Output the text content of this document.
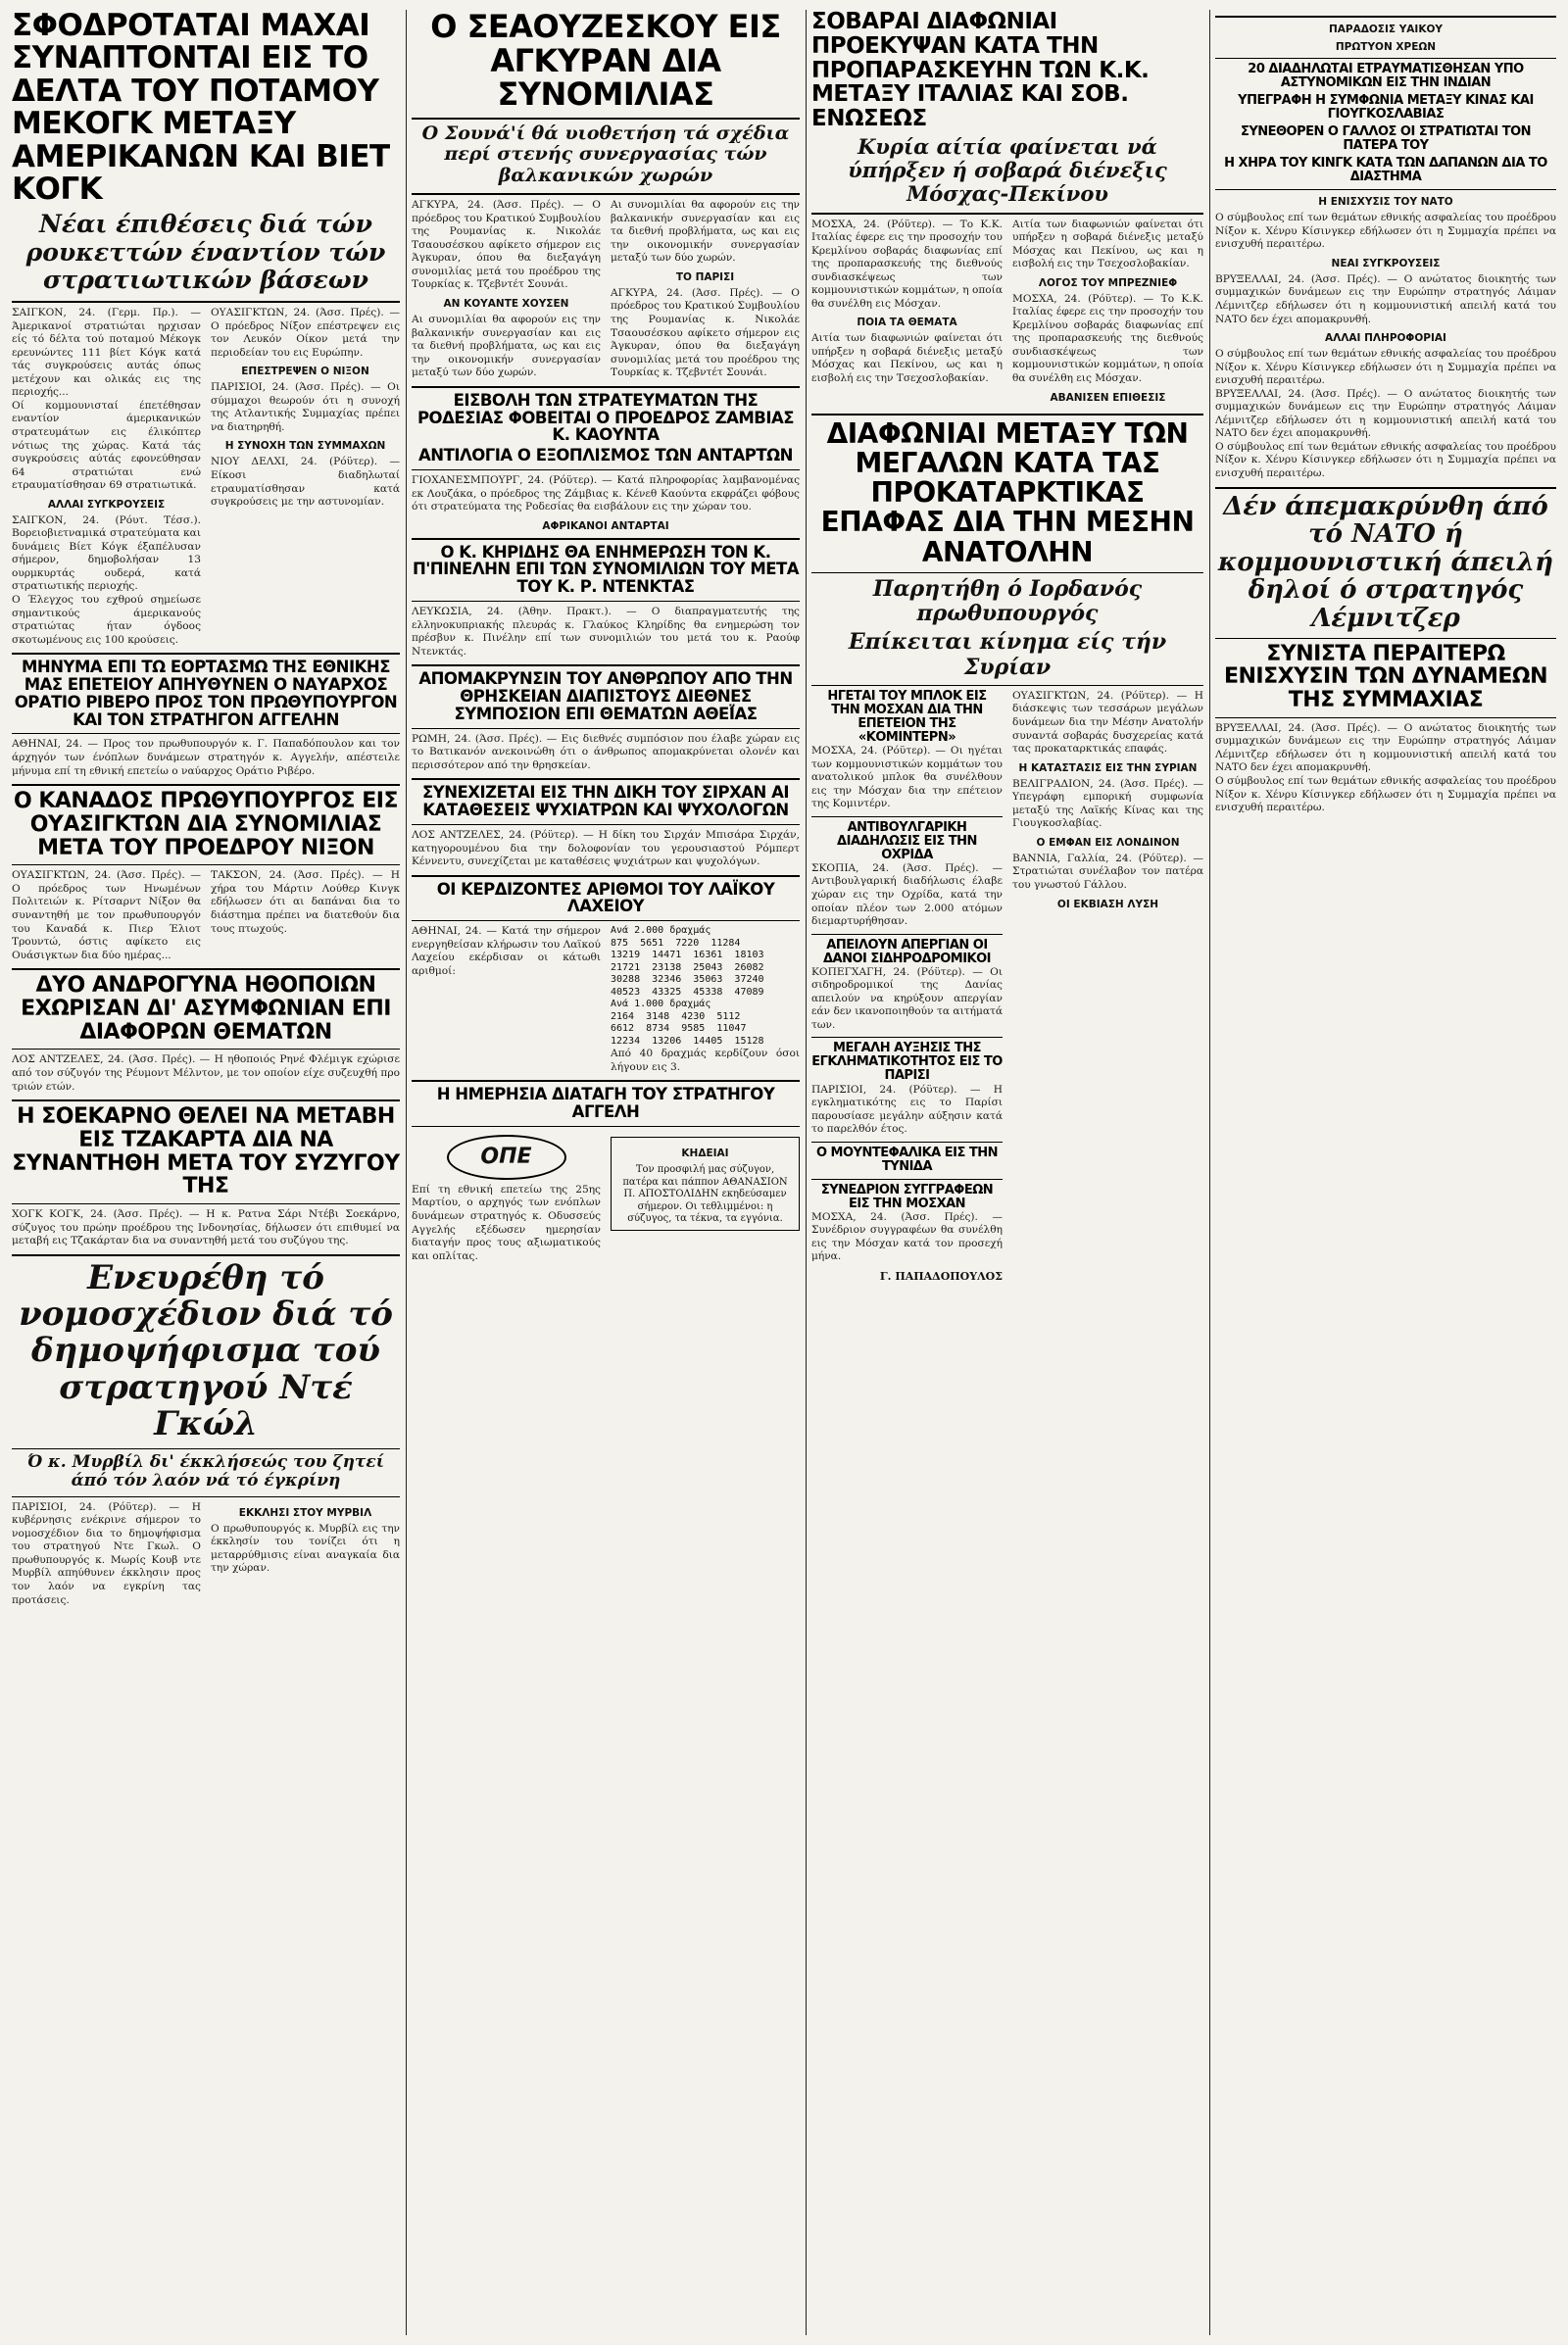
ΣΦΟΔΡΟΤΑΤΑΙ ΜΑΧΑΙ ΣΥΝΑΠΤΟΝΤΑΙ ΕΙΣ ΤΟ ΔΕΛΤΑ ΤΟΥ ΠΟΤΑΜΟΥ ΜΕΚΟΓΚ ΜΕΤΑΞΥ ΑΜΕΡΙΚΑΝΩΝ ΚΑΙ ΒΙΕΤ ΚΟΓΚ
Νέαι έπιθέσεις διά τών ρουκεττών έναντίον τών στρατιωτικών βάσεων

ΣΑΙΓΚΟΝ, 24. (Γερμ. Πρ.). — Άμερικανοί στρατιώται ηρχισαν είς τό δέλτα τού ποταμού Μέκογκ ερευνώντες 111 βίετ Κόγκ κατά τάς συγκρούσεις αυτάς όπως μετέχουν και ολικάς εις της περιοχής...

Οί κομμουνισταί έπετέθησαν εναντίον άμερικανικών στρατευμάτων εις έλικόπτερ νότιως της χώρας. Κατά τάς συγκρούσεις αύτάς εφονεύθησαν 64 στρατιώται ενώ ετραυματίσθησαν 69 στρατιωτικά.

ΑΛΛΑΙ ΣΥΓΚΡΟΥΣΕΙΣ

ΣΑΙΓΚΟΝ, 24. (Ρόυτ. Τέσσ.). Βορειοβιετναμικά στρατεύματα και δυνάμεις Βίετ Κόγκ έξαπέλυσαν σήμερον, δημοβολήσαν 13 ουρμκυρτάς ουδερά, κατά στρατιωτικής περιοχής.

Ο Έλεγχος του εχθρού σημείωσε σημαντικούς άμερικανούς στρατιώτας ήταν όγδοος σκοτωμένους εις 100 κρούσεις.

ΟΥΑΣΙΓΚΤΩΝ, 24. (Άσσ. Πρές). — Ο πρόεδρος Νίξον επέστρεψεν εις τον Λευκόν Οίκον μετά την περιοδείαν του εις Ευρώπην.

ΕΠΕΣΤΡΕΨΕΝ Ο ΝΙΞΟΝ

ΠΑΡΙΣΙΟΙ, 24. (Άσσ. Πρές). — Οι σύμμαχοι θεωρούν ότι η συνοχή της Ατλαντικής Συμμαχίας πρέπει να διατηρηθή.

Η ΣΥΝΟΧΗ ΤΩΝ ΣΥΜΜΑΧΩΝ

ΝΙΟΥ ΔΕΛΧΙ, 24. (Ρόϋτερ). — Είκοσι διαδηλωταί ετραυματίσθησαν κατά συγκρούσεις με την αστυνομίαν.

ΜΗΝΥΜΑ ΕΠΙ ΤΩ ΕΟΡΤΑΣΜΩ ΤΗΣ ΕΘΝΙΚΗΣ ΜΑΣ ΕΠΕΤΕΙΟΥ ΑΠΗΥΘΥΝΕΝ Ο ΝΑΥΑΡΧΟΣ ΟΡΑΤΙΟ ΡΙΒΕΡΟ ΠΡΟΣ ΤΟΝ ΠΡΩΘΥΠΟΥΡΓΟΝ ΚΑΙ ΤΟΝ ΣΤΡΑΤΗΓΟΝ ΑΓΓΕΛΗΝ

ΑΘΗΝΑΙ, 24. — Προς τον πρωθυπουργόν κ. Γ. Παπαδόπουλον και τον άρχηγόν των ένόπλων δυνάμεων στρατηγόν κ. Αγγελήν, απέστειλε μήνυμα επί τη εθνική επετείω ο ναύαρχος Οράτιο Ριβέρο.

Ο ΚΑΝΑΔΟΣ ΠΡΩΘΥΠΟΥΡΓΟΣ ΕΙΣ ΟΥΑΣΙΓΚΤΩΝ ΔΙΑ ΣΥΝΟΜΙΛΙΑΣ ΜΕΤΑ ΤΟΥ ΠΡΟΕΔΡΟΥ ΝΙΞΟΝ

ΟΥΑΣΙΓΚΤΩΝ, 24. (Άσσ. Πρές). — Ο πρόεδρος των Ηνωμένων Πολιτειών κ. Ρίτσαρντ Νίξον θα συναντηθή με τον πρωθυπουργόν του Καναδά κ. Πιερ Έλιοτ Τρουντώ, όστις αφίκετο εις Ουάσιγκτων δια δύο ημέρας...

ΤΑΚΣΟΝ, 24. (Άσσ. Πρές). — Η χήρα του Μάρτιν Λούθερ Κινγκ εδήλωσεν ότι αι δαπάναι δια το διάστημα πρέπει να διατεθούν δια τους πτωχούς.

ΔΥΟ ΑΝΔΡΟΓΥΝΑ ΗΘΟΠΟΙΩΝ ΕΧΩΡΙΣΑΝ ΔΙ' ΑΣΥΜΦΩΝΙΑΝ ΕΠΙ ΔΙΑΦΟΡΩΝ ΘΕΜΑΤΩΝ

ΛΟΣ ΑΝΤΖΕΛΕΣ, 24. (Άσσ. Πρές). — Η ηθοποιός Ρηνέ Φλέμιγκ εχώρισε από τον σύζυγόν της Ρέυμοντ Μέλντον, με τον οποίον είχε συζευχθή προ τριών ετών.

Η ΣΟΕΚΑΡΝΟ ΘΕΛΕΙ ΝΑ ΜΕΤΑΒΗ ΕΙΣ ΤΖΑΚΑΡΤΑ ΔΙΑ ΝΑ ΣΥΝΑΝΤΗΘΗ ΜΕΤΑ ΤΟΥ ΣΥΖΥΓΟΥ ΤΗΣ

ΧΟΓΚ ΚΟΓΚ, 24. (Άσσ. Πρές). — Η κ. Ρατνα Σάρι Ντέβι Σοεκάρνο, σύζυγος του πρώην προέδρου της Ινδονησίας, δήλωσεν ότι επιθυμεί να μεταβή εις Τζακάρταν δια να συναντηθή μετά του συζύγου της.

Ενευρέθη τό νομοσχέδιον διά τό δημοψήφισμα τού στρατηγού Ντέ Γκώλ
Ό κ. Μυρβίλ δι' έκκλήσεώς του ζητεί άπό τόν λαόν νά τό έγκρίνη

ΠΑΡΙΣΙΟΙ, 24. (Ρόϋτερ). — Η κυβέρνησις ενέκρινε σήμερον το νομοσχέδιον δια το δημοψήφισμα του στρατηγού Ντε Γκωλ. Ο πρωθυπουργός κ. Μωρίς Κουβ ντε Μυρβίλ απηύθυνεν έκκλησιν προς τον λαόν να εγκρίνη τας προτάσεις.

ΕΚΚΛΗΣΙ ΣΤΟΥ ΜΥΡΒΙΛ

Ο πρωθυπουργός κ. Μυρβίλ εις την έκκλησίν του τονίζει ότι η μεταρρύθμισις είναι αναγκαία δια την χώραν.

Ο ΣΕΑΟΥΖΕΣΚΟΥ ΕΙΣ ΑΓΚΥΡΑΝ ΔΙΑ ΣΥΝΟΜΙΛΙΑΣ
Ο Σουνά'ί θά υιοθετήση τά σχέδια περί στενής συνεργασίας τών βαλκανικών χωρών

ΑΓΚΥΡΑ, 24. (Άσσ. Πρές). — Ο πρόεδρος του Κρατικού Συμβουλίου της Ρουμανίας κ. Νικολάε Τσαουσέσκου αφίκετο σήμερον εις Άγκυραν, όπου θα διεξαγάγη συνομιλίας μετά του προέδρου της Τουρκίας κ. Τζεβντέτ Σουνάι.

ΑΝ ΚΟΥΑΝΤΕ ΧΟΥΣΕΝ

Αι συνομιλίαι θα αφορούν εις την βαλκανικήν συνεργασίαν και εις τα διεθνή προβλήματα, ως και εις την οικονομικήν συνεργασίαν μεταξύ των δύο χωρών.

Αι συνομιλίαι θα αφορούν εις την βαλκανικήν συνεργασίαν και εις τα διεθνή προβλήματα, ως και εις την οικονομικήν συνεργασίαν μεταξύ των δύο χωρών.

ΤΟ ΠΑΡΙΣΙ

ΑΓΚΥΡΑ, 24. (Άσσ. Πρές). — Ο πρόεδρος του Κρατικού Συμβουλίου της Ρουμανίας κ. Νικολάε Τσαουσέσκου αφίκετο σήμερον εις Άγκυραν, όπου θα διεξαγάγη συνομιλίας μετά του προέδρου της Τουρκίας κ. Τζεβντέτ Σουνάι.

ΕΙΣΒΟΛΗ ΤΩΝ ΣΤΡΑΤΕΥΜΑΤΩΝ ΤΗΣ ΡΟΔΕΣΙΑΣ ΦΟΒΕΙΤΑΙ Ο ΠΡΟΕΔΡΟΣ ΖΑΜΒΙΑΣ Κ. ΚΑΟΥΝΤΑ
ΑΝΤΙΛΟΓΙΑ Ο ΕΞΟΠΛΙΣΜΟΣ ΤΩΝ ΑΝΤΑΡΤΩΝ

ΓΙΟΧΑΝΕΣΜΠΟΥΡΓ, 24. (Ρόϋτερ). — Κατά πληροφορίας λαμβανομένας εκ Λουζάκα, ο πρόεδρος της Ζάμβιας κ. Κένεθ Καούντα εκφράζει φόβους ότι στρατεύματα της Ροδεσίας θα εισβάλουν εις την χώραν του.

ΑΦΡΙΚΑΝΟΙ ΑΝΤΑΡΤΑΙ
Ο Κ. ΚΗΡΙΔΗΣ ΘΑ ΕΝΗΜΕΡΩΣΗ ΤΟΝ Κ. Π'ΠΙΝΕΛΗΝ ΕΠΙ ΤΩΝ ΣΥΝΟΜΙΛΙΩΝ ΤΟΥ ΜΕΤΑ ΤΟΥ Κ. Ρ. ΝΤΕΝΚΤΑΣ

ΛΕΥΚΩΣΙΑ, 24. (Άθην. Πρακτ.). — Ο διαπραγματευτής της ελληνοκυπριακής πλευράς κ. Γλαύκος Κληρίδης θα ενημερώση τον πρέσβυν κ. Πινέλην επί των συνομιλιών του μετά του κ. Ραούφ Ντενκτάς.

ΑΠΟΜΑΚΡΥΝΣΙΝ ΤΟΥ ΑΝΘΡΩΠΟΥ ΑΠΟ ΤΗΝ ΘΡΗΣΚΕΙΑΝ ΔΙΑΠΙΣΤΟΥΣ ΔΙΕΘΝΕΣ ΣΥΜΠΟΣΙΟΝ ΕΠΙ ΘΕΜΑΤΩΝ ΑΘΕΪ́ΑΣ

ΡΩΜΗ, 24. (Άσσ. Πρές). — Εις διεθνές συμπόσιον που έλαβε χώραν εις το Βατικανόν ανεκοινώθη ότι ο άνθρωπος απομακρύνεται ολονέν και περισσότερον από την θρησκείαν.

ΣΥΝΕΧΙΖΕΤΑΙ ΕΙΣ ΤΗΝ ΔΙΚΗ ΤΟΥ ΣΙΡΧΑΝ ΑΙ ΚΑΤΑΘΕΣΕΙΣ ΨΥΧΙΑΤΡΩΝ ΚΑΙ ΨΥΧΟΛΟΓΩΝ

ΛΟΣ ΑΝΤΖΕΛΕΣ, 24. (Ρόϋτερ). — Η δίκη του Σιρχάν Μπισάρα Σιρχάν, κατηγορουμένου δια την δολοφονίαν του γερουσιαστού Ρόμπερτ Κέννεντυ, συνεχίζεται με καταθέσεις ψυχιάτρων και ψυχολόγων.

ΟΙ ΚΕΡΔΙΖΟΝΤΕΣ ΑΡΙΘΜΟΙ ΤΟΥ ΛΑΪΚΟΥ ΛΑΧΕΙΟΥ

ΑΘΗΝΑΙ, 24. — Κατά την σήμερον ενεργηθείσαν κλήρωσιν του Λαϊκού Λαχείου εκέρδισαν οι κάτωθι αριθμοί:

Ανά 2.000 δραχμάς
875  5651  7220  11284
13219  14471  16361  18103
21721  23138  25043  26082
30288  32346  35063  37240
40523  43325  45338  47089
Ανά 1.000 δραχμάς
2164  3148  4230  5112
6612  8734  9585  11047
12234  13206  14405  15128

Από 40 δραχμάς κερδίζουν όσοι λήγουν εις 3.

Η ΗΜΕΡΗΣΙΑ ΔΙΑΤΑΓΗ ΤΟΥ ΣΤΡΑΤΗΓΟΥ ΑΓΓΕΛΗ
ΟΠΕ

Επί τη εθνική επετείω της 25ης Μαρτίου, ο αρχηγός των ενόπλων δυνάμεων στρατηγός κ. Οδυσσεύς Αγγελής εξέδωσεν ημερησίαν διαταγήν προς τους αξιωματικούς και οπλίτας.

ΚΗΔΕΙΑΙ
Τον προσφιλή μας σύζυγον, πατέρα και πάππον ΑΘΑΝΑΣΙΟΝ Π. ΑΠΟΣΤΟΛΙΔΗΝ εκηδεύσαμεν σήμερον. Οι τεθλιμμένοι: η σύζυγος, τα τέκνα, τα εγγόνια.
ΣΟΒΑΡΑΙ ΔΙΑΦΩΝΙΑΙ ΠΡΟΕΚΥΨΑΝ ΚΑΤΑ ΤΗΝ ΠΡΟΠΑΡΑΣΚΕΥΗΝ ΤΩΝ Κ.Κ. ΜΕΤΑΞΥ ΙΤΑΛΙΑΣ ΚΑΙ ΣΟΒ. ΕΝΩΣΕΩΣ
Κυρία αίτία φαίνεται νά ύπήρξεν ή σοβαρά διένεξις Μόσχας-Πεκίνου

ΜΟΣΧΑ, 24. (Ρόϋτερ). — Το Κ.Κ. Ιταλίας έφερε εις την προσοχήν του Κρεμλίνου σοβαράς διαφωνίας επί της προπαρασκευής της διεθνούς συνδιασκέψεως των κομμουνιστικών κομμάτων, η οποία θα συνέλθη εις Μόσχαν.

ΠΟΙΑ ΤΑ ΘΕΜΑΤΑ

Αιτία των διαφωνιών φαίνεται ότι υπήρξεν η σοβαρά διένεξις μεταξύ Μόσχας και Πεκίνου, ως και η εισβολή εις την Τσεχοσλοβακίαν.

Αιτία των διαφωνιών φαίνεται ότι υπήρξεν η σοβαρά διένεξις μεταξύ Μόσχας και Πεκίνου, ως και η εισβολή εις την Τσεχοσλοβακίαν.

ΛΟΓΟΣ ΤΟΥ ΜΠΡΕΖΝΙΕΦ

ΜΟΣΧΑ, 24. (Ρόϋτερ). — Το Κ.Κ. Ιταλίας έφερε εις την προσοχήν του Κρεμλίνου σοβαράς διαφωνίας επί της προπαρασκευής της διεθνούς συνδιασκέψεως των κομμουνιστικών κομμάτων, η οποία θα συνέλθη εις Μόσχαν.

ΑΒΑΝΙΣΕΝ ΕΠΙΘΕΣΙΣ
ΔΙΑΦΩΝΙΑΙ ΜΕΤΑΞΥ ΤΩΝ ΜΕΓΑΛΩΝ ΚΑΤΑ ΤΑΣ ΠΡΟΚΑΤΑΡΚΤΙΚΑΣ ΕΠΑΦΑΣ ΔΙΑ ΤΗΝ ΜΕΣΗΝ ΑΝΑΤΟΛΗΝ
Παρητήθη ό Ιορδανός πρωθυπουργός
Επίκειται κίνημα είς τήν Συρίαν
ΗΓΕΤΑΙ ΤΟΥ ΜΠΛΟΚ ΕΙΣ ΤΗΝ ΜΟΣΧΑΝ ΔΙΑ ΤΗΝ ΕΠΕΤΕΙΟΝ ΤΗΣ «ΚΟΜΙΝΤΕΡΝ»

ΜΟΣΧΑ, 24. (Ρόϋτερ). — Οι ηγέται των κομμουνιστικών κομμάτων του ανατολικού μπλοκ θα συνέλθουν εις την Μόσχαν δια την επέτειον της Κομιντέρν.

ΑΝΤΙΒΟΥΛΓΑΡΙΚΗ ΔΙΑΔΗΛΩΣΙΣ ΕΙΣ ΤΗΝ ΟΧΡΙΔΑ

ΣΚΟΠΙΑ, 24. (Άσσ. Πρές). — Αντιβουλγαρική διαδήλωσις έλαβε χώραν εις την Οχρίδα, κατά την οποίαν πλέον των 2.000 ατόμων διεμαρτυρήθησαν.

ΑΠΕΙΛΟΥΝ ΑΠΕΡΓΙΑΝ ΟΙ ΔΑΝΟΙ ΣΙΔΗΡΟΔΡΟΜΙΚΟΙ

ΚΟΠΕΓΧΑΓΗ, 24. (Ρόϋτερ). — Οι σιδηροδρομικοί της Δανίας απειλούν να κηρύξουν απεργίαν εάν δεν ικανοποιηθούν τα αιτήματά των.

ΜΕΓΑΛΗ ΑΥΞΗΣΙΣ ΤΗΣ ΕΓΚΛΗΜΑΤΙΚΟΤΗΤΟΣ ΕΙΣ ΤΟ ΠΑΡΙΣΙ

ΠΑΡΙΣΙΟΙ, 24. (Ρόϋτερ). — Η εγκληματικότης εις το Παρίσι παρουσίασε μεγάλην αύξησιν κατά το παρελθόν έτος.

Ο ΜΟΥΝΤΕΦΑΛΙΚΑ ΕΙΣ ΤΗΝ ΤΥΝΙΔΑ
ΣΥΝΕΔΡΙΟΝ ΣΥΓΓΡΑΦΕΩΝ ΕΙΣ ΤΗΝ ΜΟΣΧΑΝ

ΜΟΣΧΑ, 24. (Άσσ. Πρές). — Συνέδριον συγγραφέων θα συνέλθη εις την Μόσχαν κατά τον προσεχή μήνα.

Γ. ΠΑΠΑΔΟΠΟΥΛΟΣ

ΟΥΑΣΙΓΚΤΩΝ, 24. (Ρόϋτερ). — Η διάσκεψις των τεσσάρων μεγάλων δυνάμεων δια την Μέσην Ανατολήν συναντά σοβαράς δυσχερείας κατά τας προκαταρκτικάς επαφάς.

Η ΚΑΤΑΣΤΑΣΙΣ ΕΙΣ ΤΗΝ ΣΥΡΙΑΝ

ΒΕΛΙΓΡΑΔΙΟΝ, 24. (Άσσ. Πρές). — Υπεγράφη εμπορική συμφωνία μεταξύ της Λαϊκής Κίνας και της Γιουγκοσλαβίας.

Ο ΕΜΦΑΝ ΕΙΣ ΛΟΝΔΙΝΟΝ

ΒΑΝΝΙΑ, Γαλλία, 24. (Ρόϋτερ). — Στρατιώται συνέλαβον τον πατέρα του γνωστού Γάλλου.

ΟΙ ΕΚΒΙΑΣΗ ΛΥΣΗ
ΠΑΡΑΔΟΣΙΣ ΥΑΙΚΟΥ
ΠΡΩΤΥΟΝ ΧΡΕΩΝ
20 ΔΙΑΔΗΛΩΤΑΙ ΕΤΡΑΥΜΑΤΙΣΘΗΣΑΝ ΥΠΟ ΑΣΤΥΝΟΜΙΚΩΝ ΕΙΣ ΤΗΝ ΙΝΔΙΑΝ
ΥΠΕΓΡΑΦΗ Η ΣΥΜΦΩΝΙΑ ΜΕΤΑΞΥ ΚΙΝΑΣ ΚΑΙ ΓΙΟΥΓΚΟΣΛΑΒΙΑΣ
ΣΥΝΕΘΟΡΕΝ Ο ΓΑΛΛΟΣ ΟΙ ΣΤΡΑΤΙΩΤΑΙ ΤΟΝ ΠΑΤΕΡΑ ΤΟΥ
Η ΧΗΡΑ ΤΟΥ ΚΙΝΓΚ ΚΑΤΑ ΤΩΝ ΔΑΠΑΝΩΝ ΔΙΑ ΤΟ ΔΙΑΣΤΗΜΑ
Η ΕΝΙΣΧΥΣΙΣ ΤΟΥ ΝΑΤΟ

Ο σύμβουλος επί των θεμάτων εθνικής ασφαλείας του προέδρου Νίξον κ. Χένρυ Κίσινγκερ εδήλωσεν ότι η Συμμαχία πρέπει να ενισχυθή περαιτέρω.

ΝΕΑΙ ΣΥΓΚΡΟΥΣΕΙΣ

ΒΡΥΞΕΛΛΑΙ, 24. (Άσσ. Πρές). — Ο ανώτατος διοικητής των συμμαχικών δυνάμεων εις την Ευρώπην στρατηγός Λάιμαν Λέμνιτζερ εδήλωσεν ότι η κομμουνιστική απειλή κατά του ΝΑΤΟ δεν έχει απομακρυνθή.

ΑΛΛΑΙ ΠΛΗΡΟΦΟΡΙΑΙ

Ο σύμβουλος επί των θεμάτων εθνικής ασφαλείας του προέδρου Νίξον κ. Χένρυ Κίσινγκερ εδήλωσεν ότι η Συμμαχία πρέπει να ενισχυθή περαιτέρω.

ΒΡΥΞΕΛΛΑΙ, 24. (Άσσ. Πρές). — Ο ανώτατος διοικητής των συμμαχικών δυνάμεων εις την Ευρώπην στρατηγός Λάιμαν Λέμνιτζερ εδήλωσεν ότι η κομμουνιστική απειλή κατά του ΝΑΤΟ δεν έχει απομακρυνθή.

Ο σύμβουλος επί των θεμάτων εθνικής ασφαλείας του προέδρου Νίξον κ. Χένρυ Κίσινγκερ εδήλωσεν ότι η Συμμαχία πρέπει να ενισχυθή περαιτέρω.

Δέν άπεμακρύνθη άπό τό ΝΑΤΟ ή κομμουνιστική άπειλή δηλοί ό στρατηγός Λέμνιτζερ
ΣΥΝΙΣΤΑ ΠΕΡΑΙΤΕΡΩ ΕΝΙΣΧΥΣΙΝ ΤΩΝ ΔΥΝΑΜΕΩΝ ΤΗΣ ΣΥΜΜΑΧΙΑΣ

ΒΡΥΞΕΛΛΑΙ, 24. (Άσσ. Πρές). — Ο ανώτατος διοικητής των συμμαχικών δυνάμεων εις την Ευρώπην στρατηγός Λάιμαν Λέμνιτζερ εδήλωσεν ότι η κομμουνιστική απειλή κατά του ΝΑΤΟ δεν έχει απομακρυνθή.

Ο σύμβουλος επί των θεμάτων εθνικής ασφαλείας του προέδρου Νίξον κ. Χένρυ Κίσινγκερ εδήλωσεν ότι η Συμμαχία πρέπει να ενισχυθή περαιτέρω.
